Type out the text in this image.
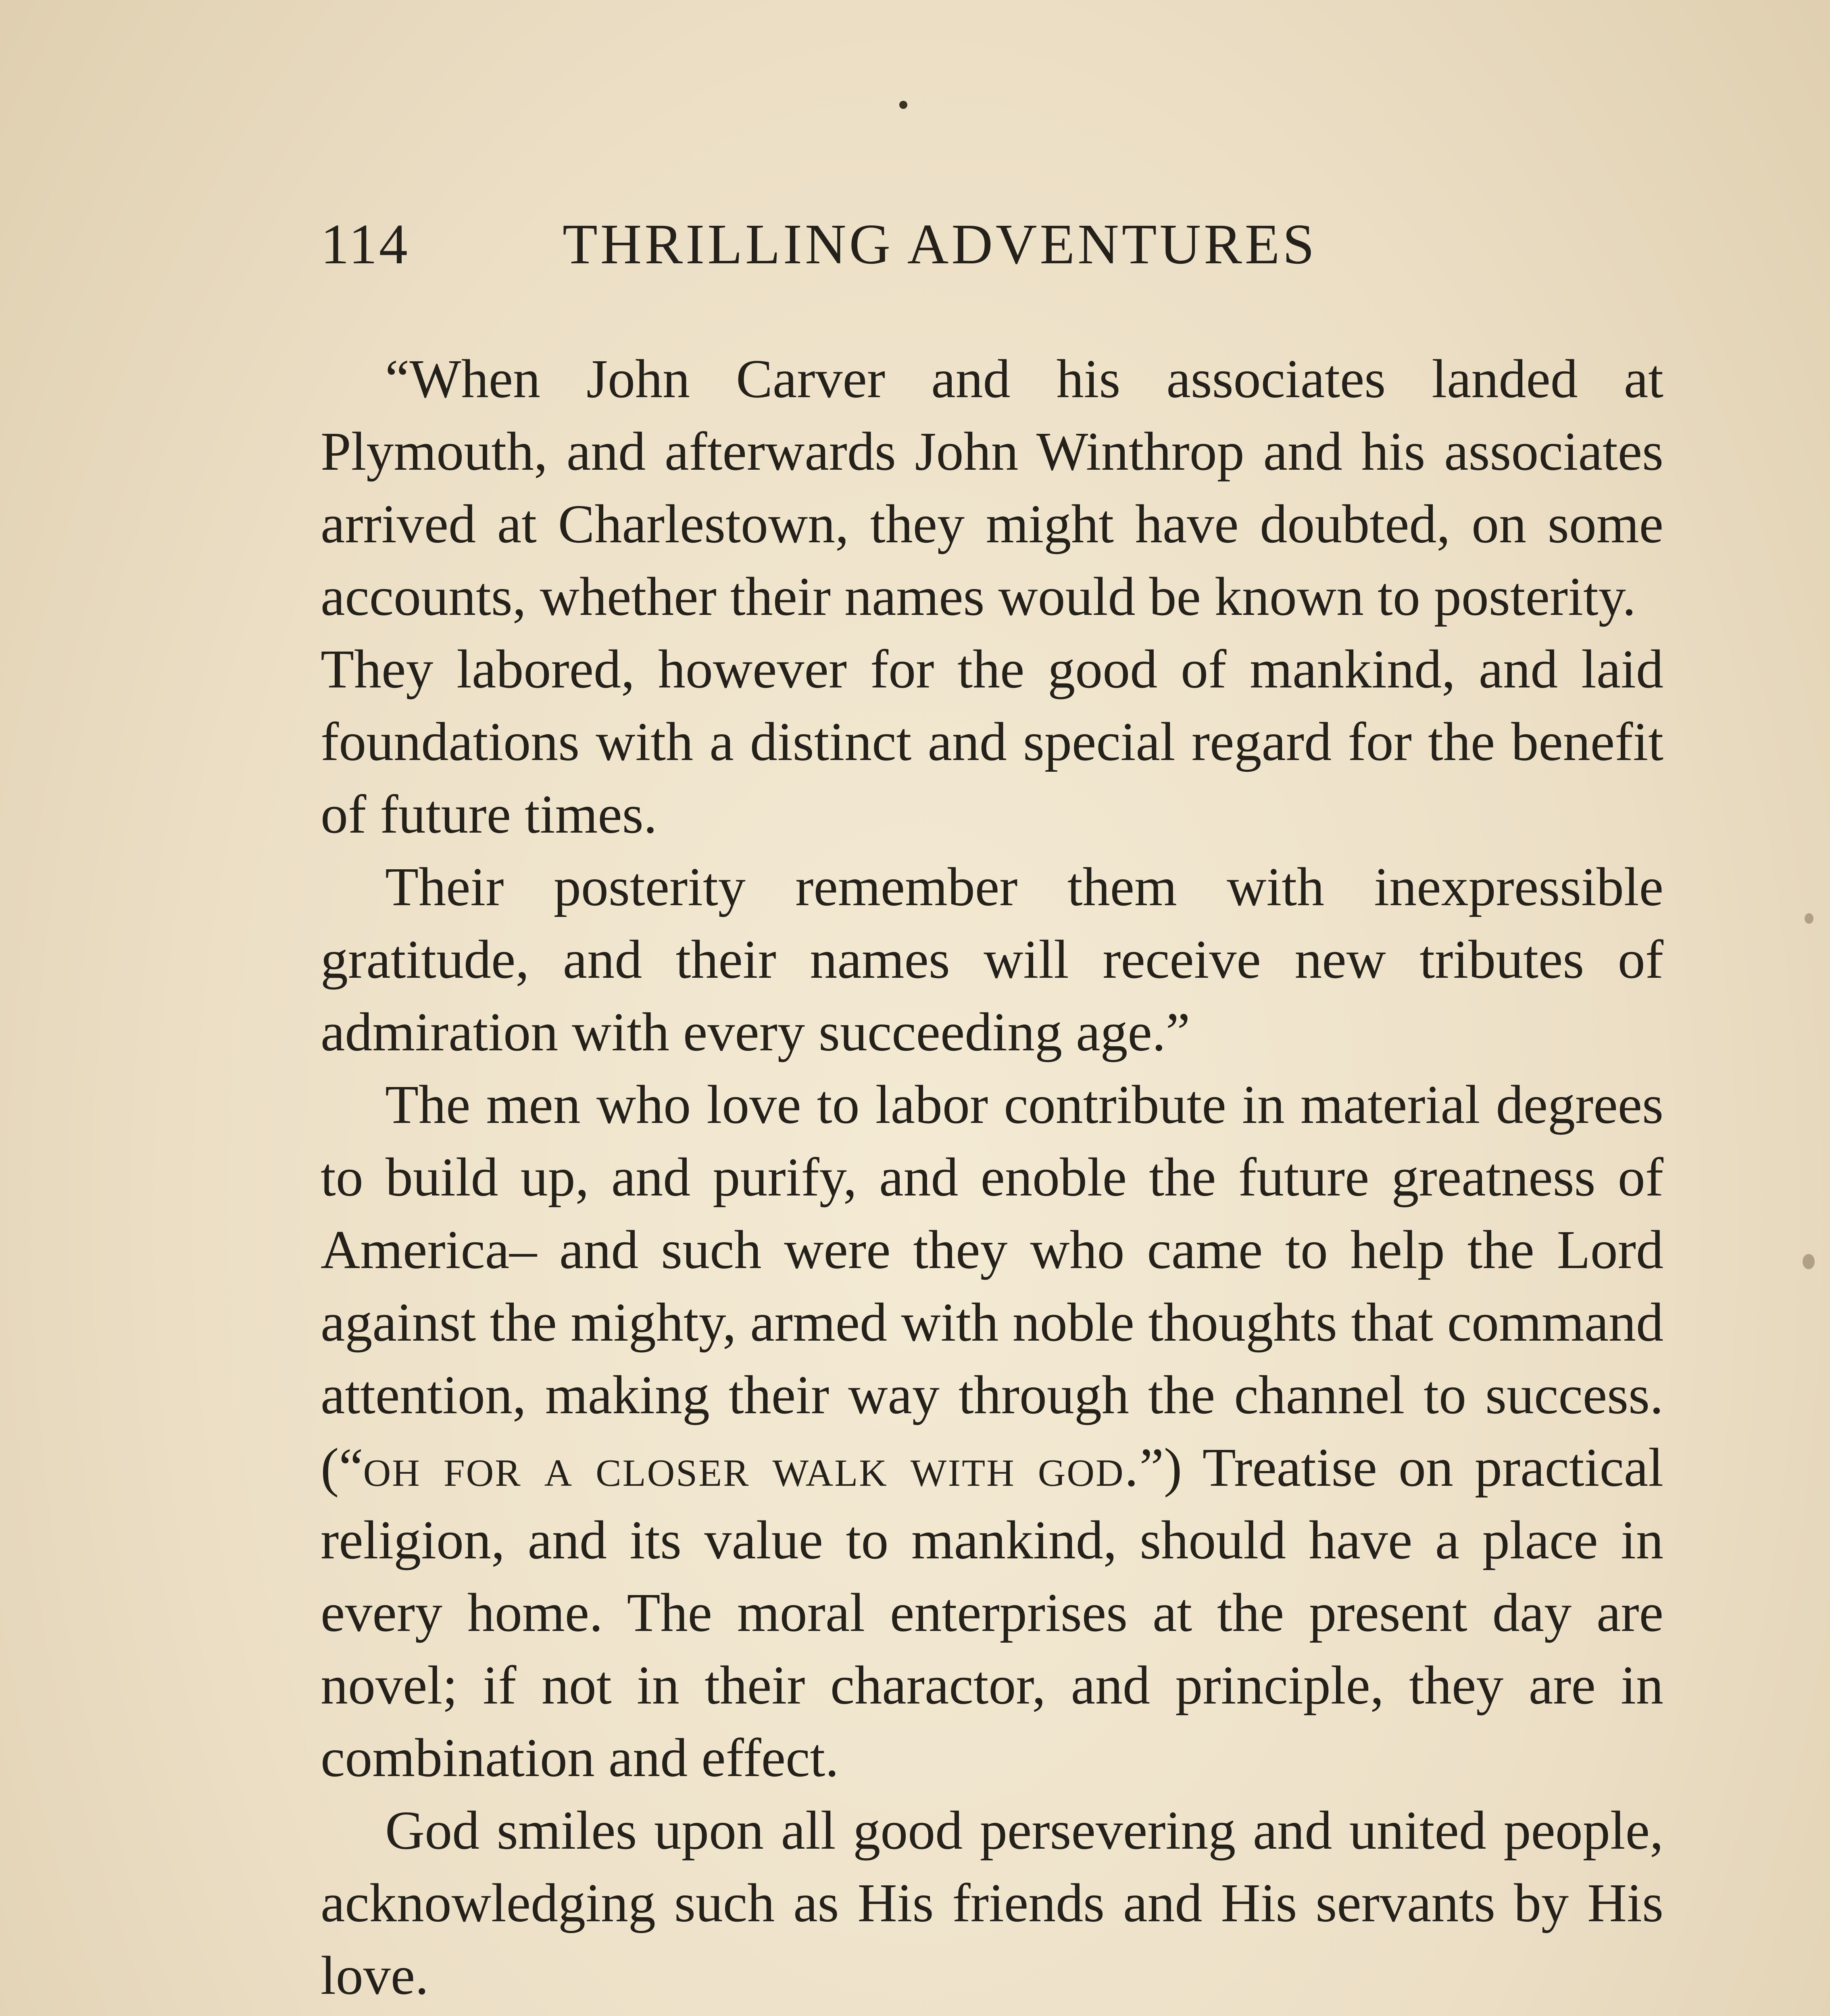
114	THRILLING ADVENTURES

“When John Carver and his associates landed at Plymouth, and afterwards John Winthrop and his associates arrived at Charlestown, they might have doubted, on some accounts, whether their names would be known to posterity.

They labored, however for the good of mankind, and laid foundations with a distinct and special regard for the benefit of future times.

Their posterity remember them with inexpressible gratitude, and their names will receive new tributes of admiration with every succeeding age.”

The men who love to labor contribute in material degrees to build up, and purify, and enoble the future greatness of America– and such were they who came to help the Lord against the mighty, armed with noble thoughts that command attention, making their way through the channel to success. (“oh for a closer walk with god.”) Treatise on practical religion, and its value to mankind, should have a place in every home. The moral enterprises at the present day are novel; if not in their charactor, and principle, they are in combination and effect.

God smiles upon all good persevering and united people, acknowledging such as His friends and His servants by His love.
